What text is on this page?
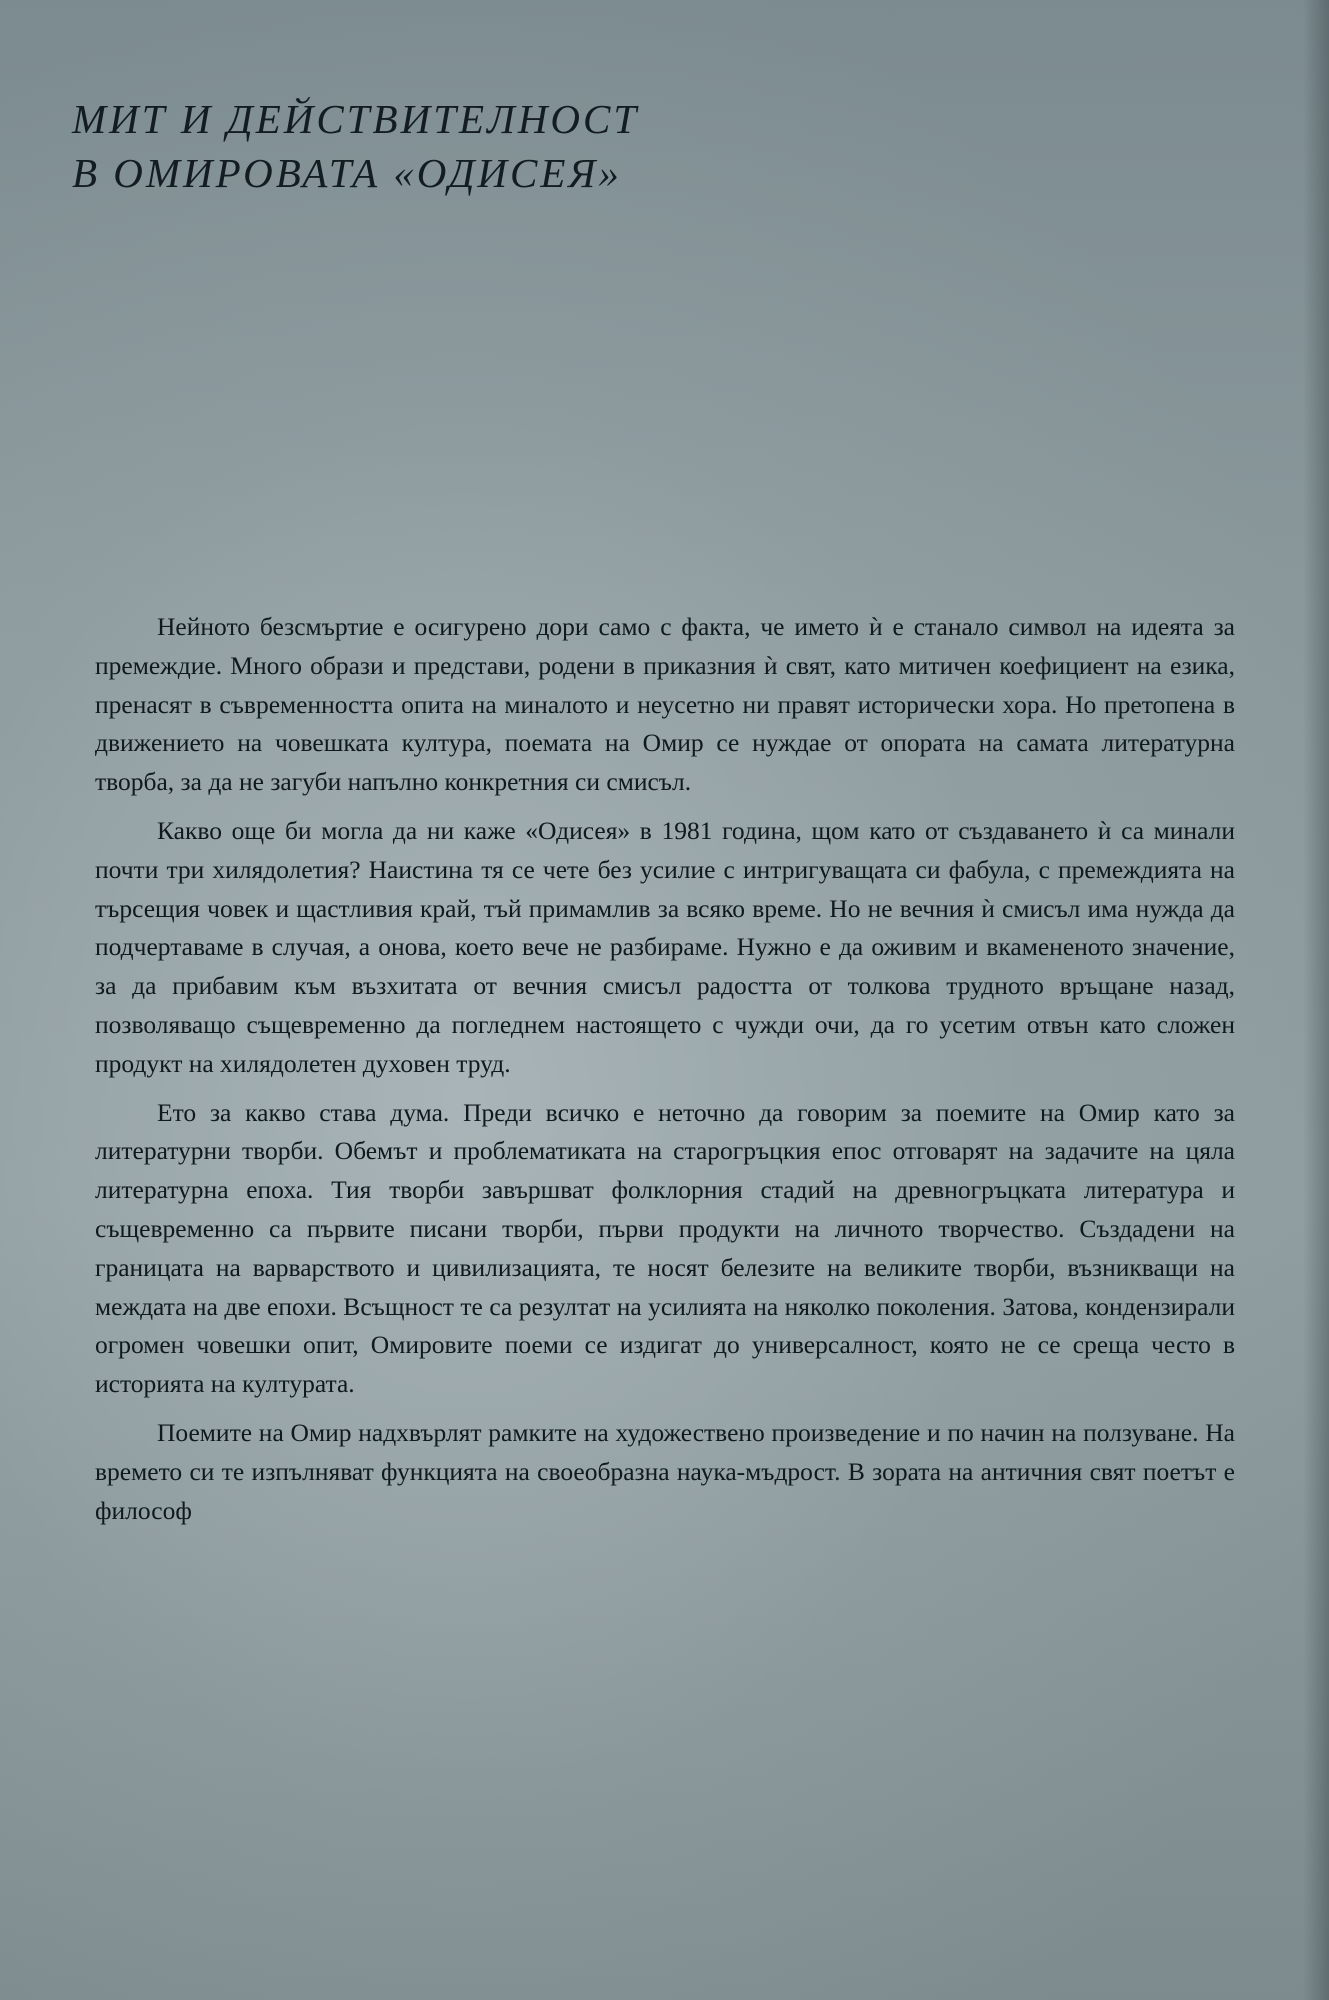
МИТ И ДЕЙСТВИТЕЛНОСТ
В ОМИРОВАТА «ОДИСЕЯ»

Нейното безсмъртие е осигурено дори само с факта, че името ѝ е станало символ на идеята за премеждие. Много образи и представи, родени в приказния ѝ свят, като митичен коефициент на езика, пренасят в съвременността опита на миналото и неусетно ни правят исторически хора. Но претопена в движението на човешката култура, поемата на Омир се нуждае от опората на самата литературна творба, за да не загуби напълно конкретния си смисъл.

Какво още би могла да ни каже «Одисея» в 1981 година, щом като от създаването ѝ са минали почти три хилядолетия? Наистина тя се чете без усилие с интригуващата си фабула, с премеждията на търсещия човек и щастливия край, тъй примамлив за всяко време. Но не вечния ѝ смисъл има нужда да подчертаваме в случая, а онова, което вече не разбираме. Нужно е да оживим и вкамененото значение, за да прибавим към възхитата от вечния смисъл радостта от толкова трудното връщане назад, позволяващо същевременно да погледнем настоящето с чужди очи, да го усетим отвън като сложен продукт на хилядолетен духовен труд.

Ето за какво става дума. Преди всичко е неточно да говорим за поемите на Омир като за литературни творби. Обемът и проблематиката на старогръцкия епос отговарят на задачите на цяла литературна епоха. Тия творби завършват фолклорния стадий на древногръцката литература и същевременно са първите писани творби, първи продукти на личното творчество. Създадени на границата на варварството и цивилизацията, те носят белезите на великите творби, възникващи на междата на две епохи. Всъщност те са резултат на усилията на няколко поколения. Затова, кондензирали огромен човешки опит, Омировите поеми се издигат до универсалност, която не се среща често в историята на културата.

Поемите на Омир надхвърлят рамките на художествено произведение и по начин на ползуване. На времето си те изпълняват функцията на своеобразна наука-мъдрост. В зората на античния свят поетът е философ
